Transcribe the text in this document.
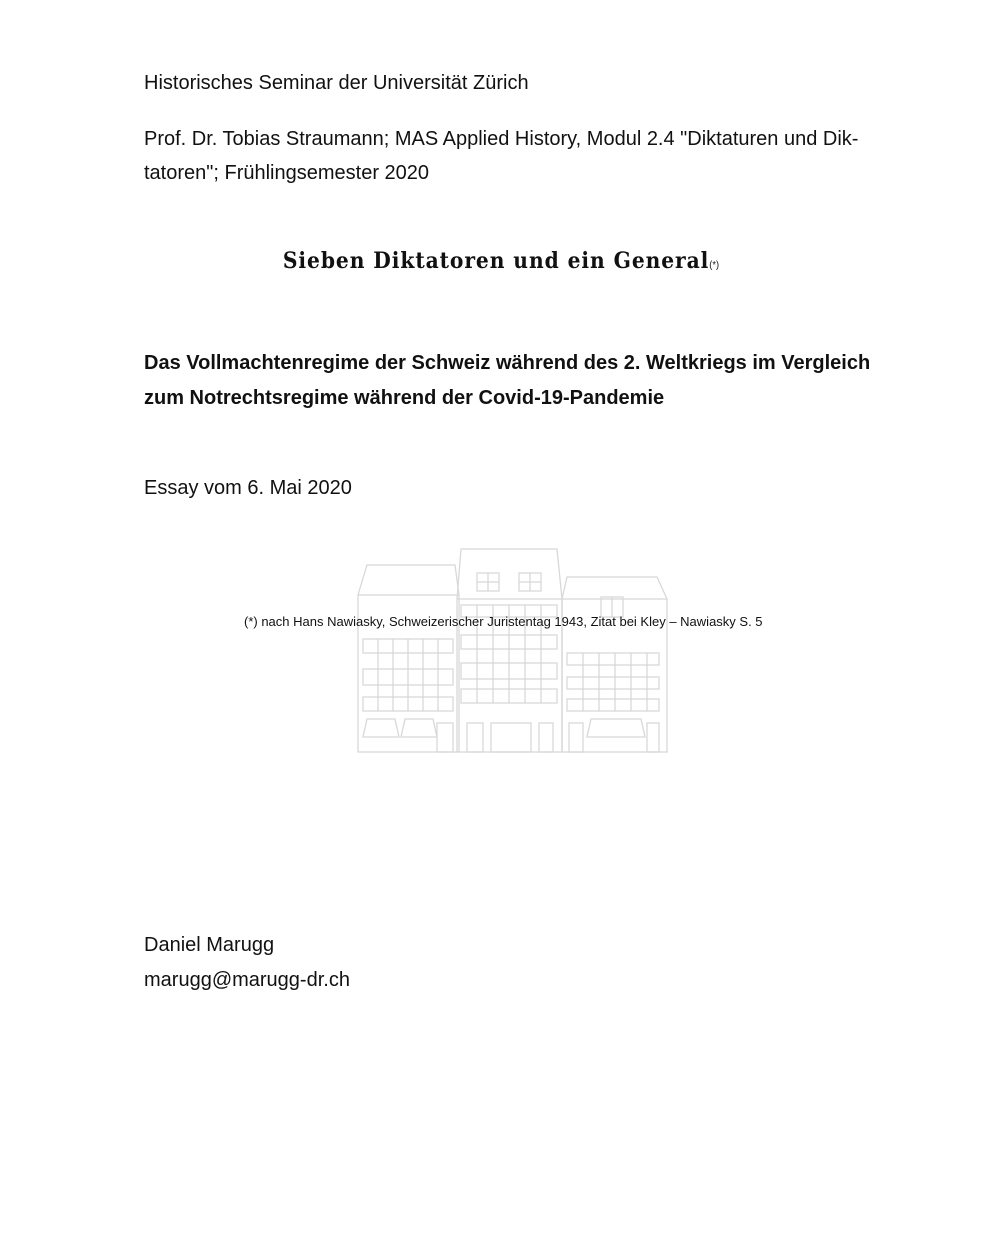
Historisches Seminar der Universität Zürich
Prof. Dr. Tobias Straumann; MAS Applied History, Modul 2.4 "Diktaturen und Dik-
tatoren"; Frühlingsemester 2020
Sieben Diktatoren und ein General(*)
Das Vollmachtenregime der Schweiz während des 2. Weltkriegs im Vergleich
zum Notrechtsregime während der Covid-19-Pandemie
Essay vom 6. Mai 2020
(*) nach Hans Nawiasky, Schweizerischer Juristentag 1943, Zitat bei Kley – Nawiasky S. 5
Daniel Marugg
marugg@marugg-dr.ch
